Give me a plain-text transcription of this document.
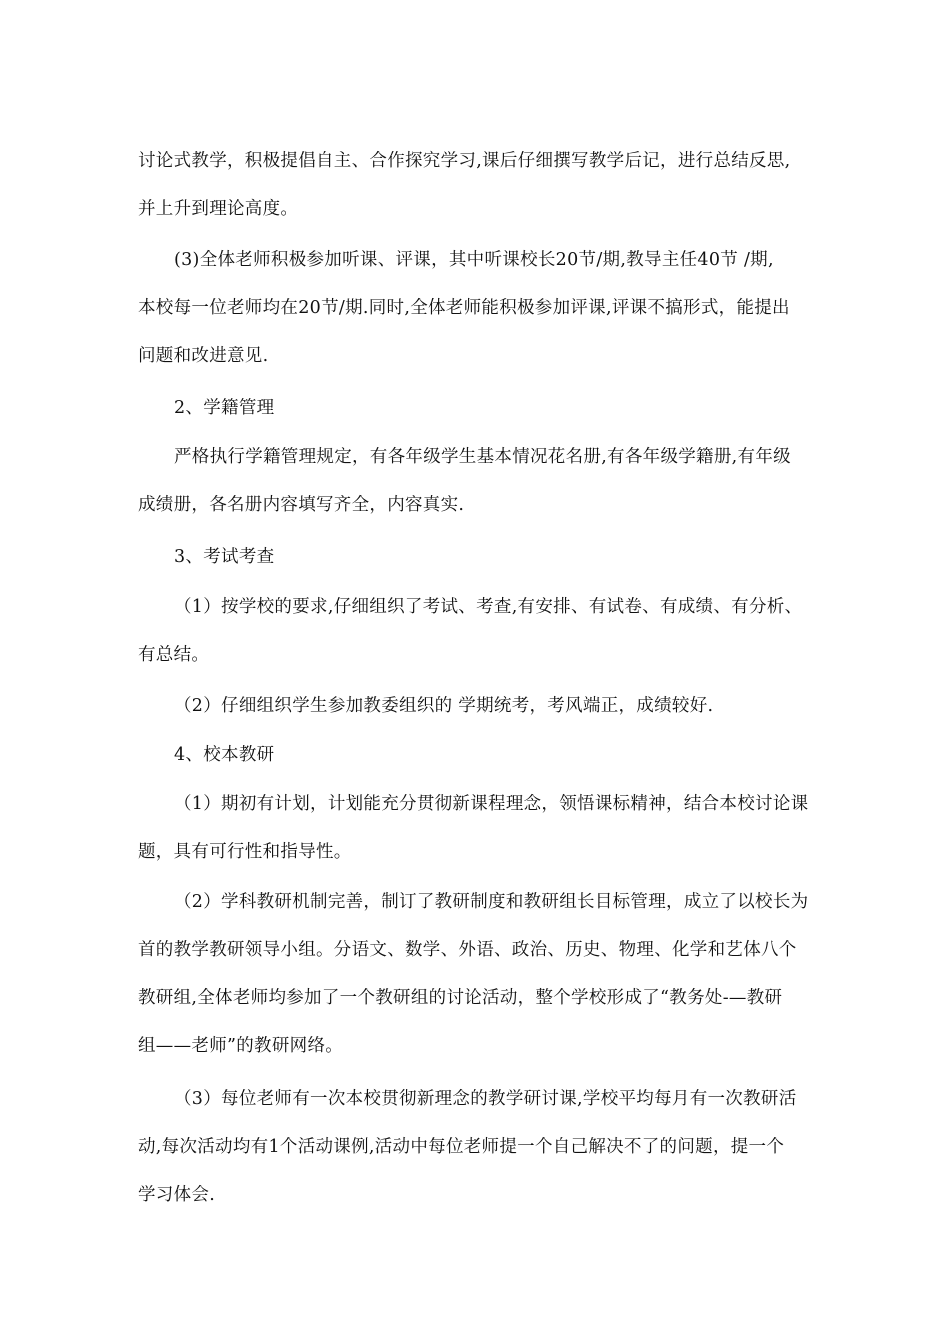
讨论式教学，积极提倡自主、合作探究学习,课后仔细撰写教学后记，进行总结反思,
并上升到理论高度。
(3)全体老师积极参加听课、评课，其中听课校长20节/期,教导主任40节 /期,
本校每一位老师均在20节/期.同时,全体老师能积极参加评课,评课不搞形式，能提出
问题和改进意见.
2、学籍管理
严格执行学籍管理规定，有各年级学生基本情况花名册,有各年级学籍册,有年级
成绩册，各名册内容填写齐全，内容真实.
3、考试考查
（1）按学校的要求,仔细组织了考试、考查,有安排、有试卷、有成绩、有分析、
有总结。
（2）仔细组织学生参加教委组织的 学期统考，考风端正，成绩较好.
4、校本教研
（1）期初有计划，计划能充分贯彻新课程理念，领悟课标精神，结合本校讨论课
题，具有可行性和指导性。
（2）学科教研机制完善，制订了教研制度和教研组长目标管理，成立了以校长为
首的教学教研领导小组。分语文、数学、外语、政治、历史、物理、化学和艺体八个
教研组,全体老师均参加了一个教研组的讨论活动，整个学校形成了“教务处-—教研
组——老师”的教研网络。
（3）每位老师有一次本校贯彻新理念的教学研讨课,学校平均每月有一次教研活
动,每次活动均有1个活动课例,活动中每位老师提一个自己解决不了的问题，提一个
学习体会.
